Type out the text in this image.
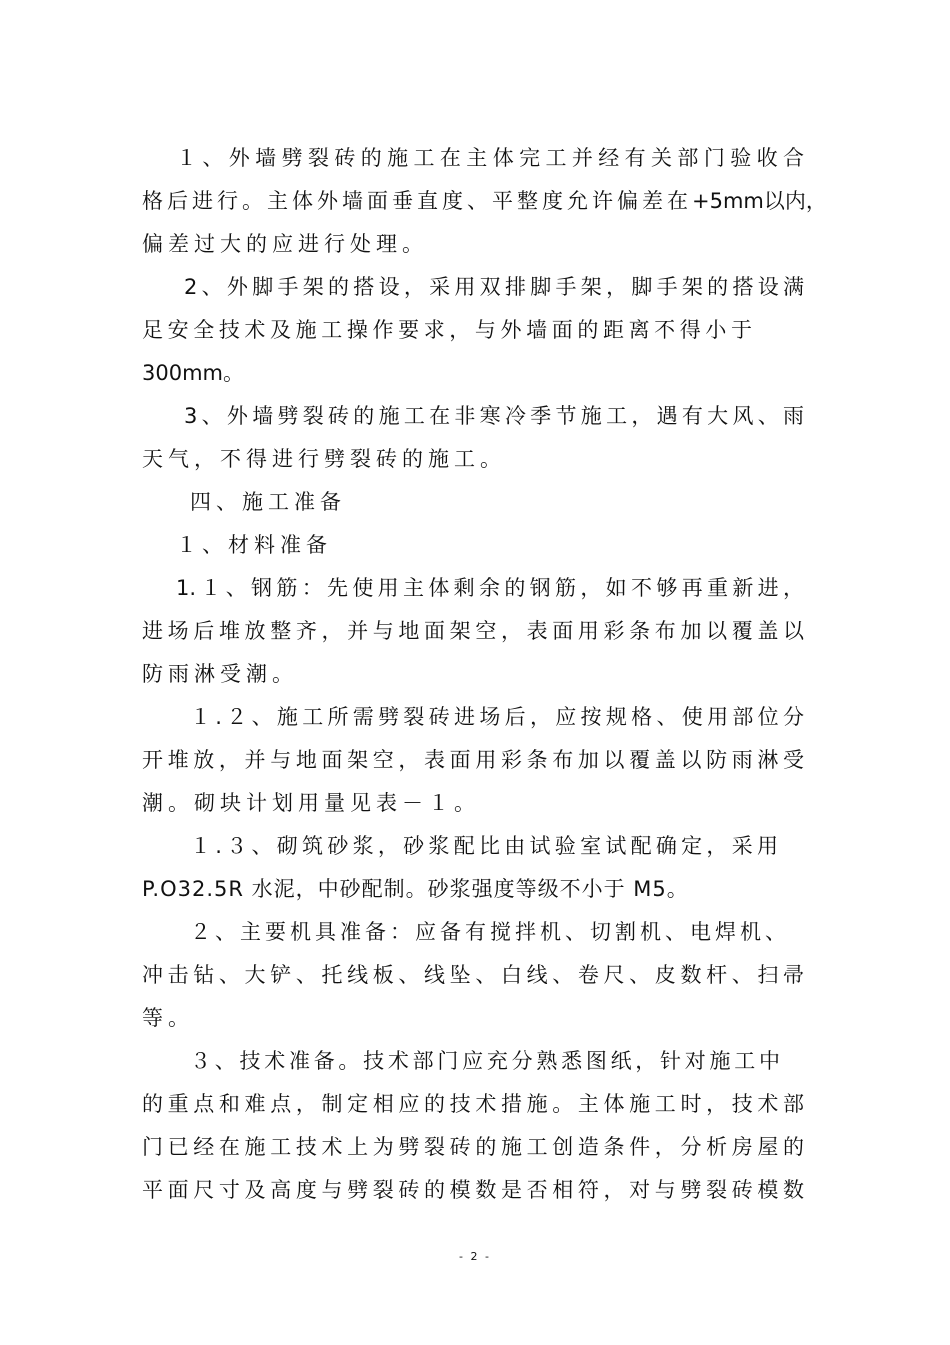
１、外墙劈裂砖的施工在主体完工并经有关部门验收合
格后进行。主体外墙面垂直度、平整度允许偏差在+5mm以内，
偏差过大的应进行处理。
2、外脚手架的搭设，采用双排脚手架，脚手架的搭设满
足安全技术及施工操作要求，与外墙面的距离不得小于
300mm。
3、外墙劈裂砖的施工在非寒冷季节施工，遇有大风、雨
天气，不得进行劈裂砖的施工。
四、施工准备
１、材料准备
1.１、钢筋：先使用主体剩余的钢筋，如不够再重新进，
进场后堆放整齐，并与地面架空，表面用彩条布加以覆盖以
防雨淋受潮。
１.２、施工所需劈裂砖进场后，应按规格、使用部位分
开堆放，并与地面架空，表面用彩条布加以覆盖以防雨淋受
潮。砌块计划用量见表－１。
１.３、砌筑砂浆，砂浆配比由试验室试配确定，采用
P.O32.5R 水泥，中砂配制。砂浆强度等级不小于 M5。
２、主要机具准备：应备有搅拌机、切割机、电焊机、
冲击钻、大铲、托线板、线坠、白线、卷尺、皮数杆、扫帚
等。
３、技术准备。技术部门应充分熟悉图纸，针对施工中
的重点和难点，制定相应的技术措施。主体施工时，技术部
门已经在施工技术上为劈裂砖的施工创造条件，分析房屋的
平面尺寸及高度与劈裂砖的模数是否相符，对与劈裂砖模数
- 2 -
